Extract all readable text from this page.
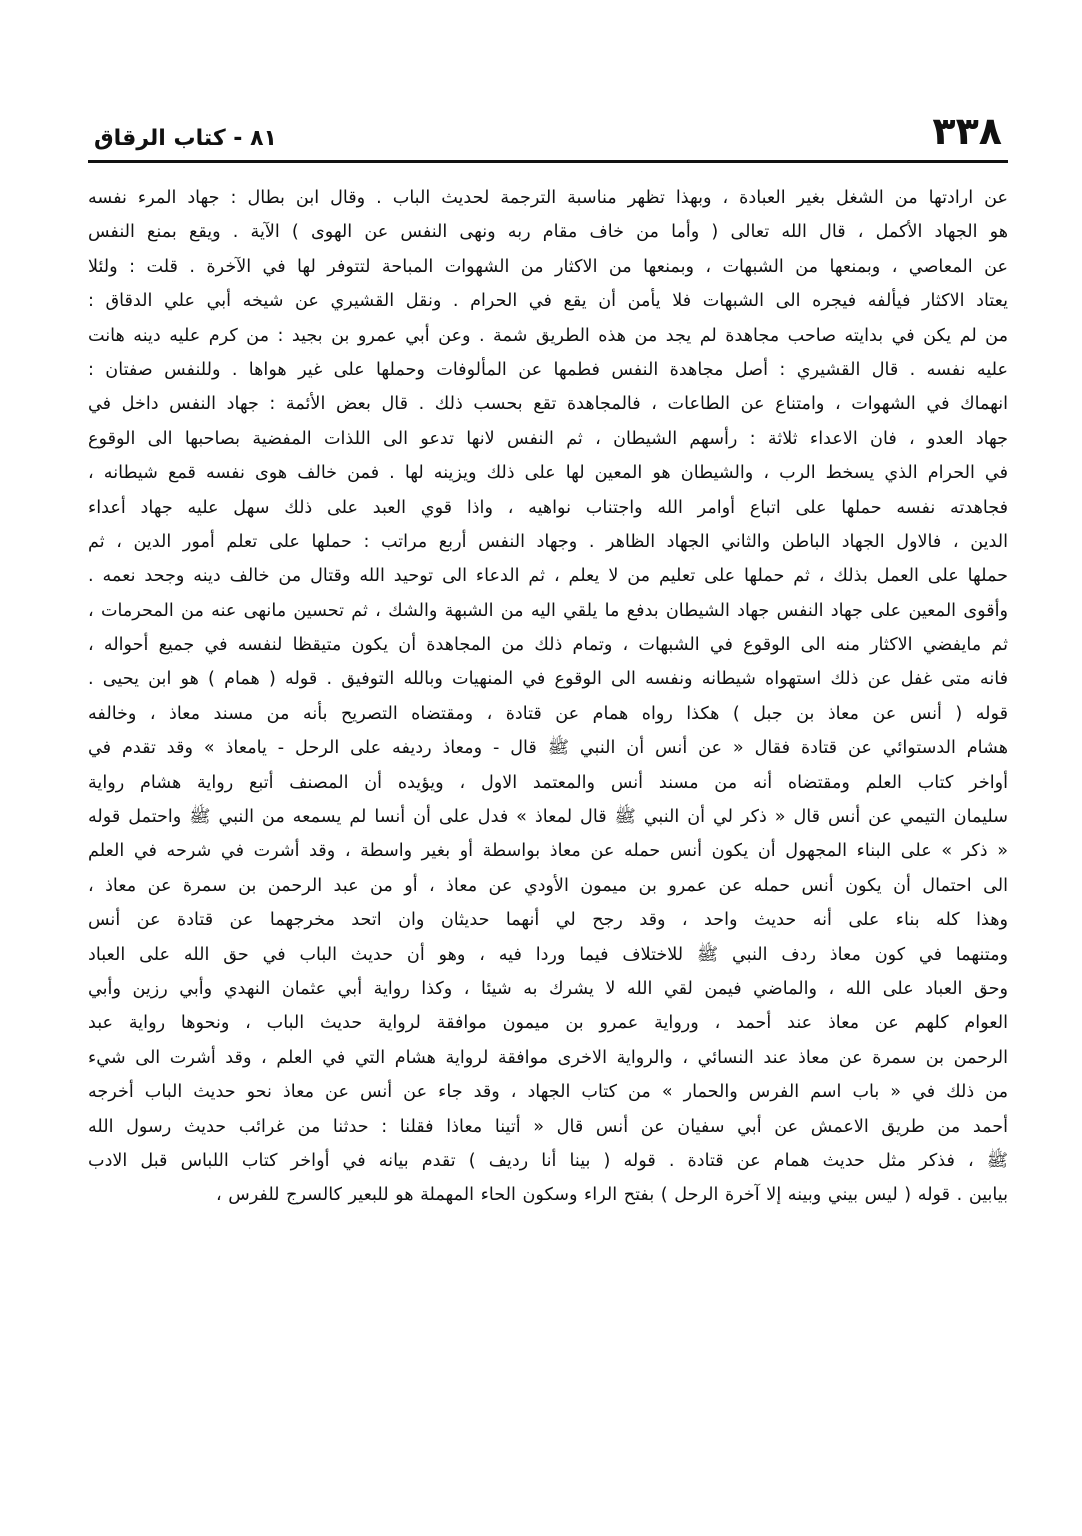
٣٣٨
٨١ - كتاب الرقاق
عن ارادتها من الشغل بغير العبادة ، وبهذا تظهر مناسبة الترجمة لحديث الباب . وقال ابن بطال : جهاد المرء نفسه
هو الجهاد الأكمل ، قال الله تعالى ( وأما من خاف مقام ربه ونهى النفس عن الهوى ) الآية . ويقع بمنع النفس
عن المعاصي ، وبمنعها من الشبهات ، وبمنعها من الاكثار من الشهوات المباحة لتتوفر لها في الآخرة . قلت : ولئلا
يعتاد الاكثار فيألفه فيجره الى الشبهات فلا يأمن أن يقع في الحرام . ونقل القشيري عن شيخه أبي علي الدقاق :
من لم يكن في بدايته صاحب مجاهدة لم يجد من هذه الطريق شمة . وعن أبي عمرو بن بجيد : من كرم عليه دينه هانت
عليه نفسه . قال القشيري : أصل مجاهدة النفس فطمها عن المألوفات وحملها على غير هواها . وللنفس صفتان :
انهماك في الشهوات ، وامتناع عن الطاعات ، فالمجاهدة تقع بحسب ذلك . قال بعض الأئمة : جهاد النفس داخل في
جهاد العدو ، فان الاعداء ثلاثة : رأسهم الشيطان ، ثم النفس لانها تدعو الى اللذات المفضية بصاحبها الى الوقوع
في الحرام الذي يسخط الرب ، والشيطان هو المعين لها على ذلك ويزينه لها . فمن خالف هوى نفسه قمع شيطانه ،
فجاهدته نفسه حملها على اتباع أوامر الله واجتناب نواهيه ، واذا قوي العبد على ذلك سهل عليه جهاد أعداء
الدين ، فالاول الجهاد الباطن والثاني الجهاد الظاهر . وجهاد النفس أربع مراتب : حملها على تعلم أمور الدين ، ثم
حملها على العمل بذلك ، ثم حملها على تعليم من لا يعلم ، ثم الدعاء الى توحيد الله وقتال من خالف دينه وجحد نعمه .
وأقوى المعين على جهاد النفس جهاد الشيطان بدفع ما يلقي اليه من الشبهة والشك ، ثم تحسين مانهى عنه من المحرمات ،
ثم مايفضي الاكثار منه الى الوقوع في الشبهات ، وتمام ذلك من المجاهدة أن يكون متيقظا لنفسه في جميع أحواله ،
فانه متى غفل عن ذلك استهواه شيطانه ونفسه الى الوقوع في المنهيات وبالله التوفيق . قوله ( همام ) هو ابن يحيى .
قوله ( أنس عن معاذ بن جبل ) هكذا رواه همام عن قتادة ، ومقتضاه التصريح بأنه من مسند معاذ ، وخالفه
هشام الدستوائي عن قتادة فقال « عن أنس أن النبي ﷺ قال - ومعاذ رديفه على الرحل - يامعاذ » وقد تقدم في
أواخر كتاب العلم ومقتضاه أنه من مسند أنس والمعتمد الاول ، ويؤيده أن المصنف أتبع رواية هشام رواية
سليمان التيمي عن أنس قال « ذكر لي أن النبي ﷺ قال لمعاذ » فدل على أن أنسا لم يسمعه من النبي ﷺ واحتمل قوله
« ذكر » على البناء المجهول أن يكون أنس حمله عن معاذ بواسطة أو بغير واسطة ، وقد أشرت في شرحه في العلم
الى احتمال أن يكون أنس حمله عن عمرو بن ميمون الأودي عن معاذ ، أو من عبد الرحمن بن سمرة عن معاذ ،
وهذا كله بناء على أنه حديث واحد ، وقد رجح لي أنهما حديثان وان اتحد مخرجهما عن قتادة عن أنس
ومتنهما في كون معاذ ردف النبي ﷺ للاختلاف فيما وردا فيه ، وهو أن حديث الباب في حق الله على العباد
وحق العباد على الله ، والماضي فيمن لقي الله لا يشرك به شيئا ، وكذا رواية أبي عثمان النهدي وأبي رزين وأبي
العوام كلهم عن معاذ عند أحمد ، ورواية عمرو بن ميمون موافقة لرواية حديث الباب ، ونحوها رواية عبد
الرحمن بن سمرة عن معاذ عند النسائي ، والرواية الاخرى موافقة لرواية هشام التي في العلم ، وقد أشرت الى شيء
من ذلك في « باب اسم الفرس والحمار » من كتاب الجهاد ، وقد جاء عن أنس عن معاذ نحو حديث الباب أخرجه
أحمد من طريق الاعمش عن أبي سفيان عن أنس قال « أتينا معاذا فقلنا : حدثنا من غرائب حديث رسول الله
ﷺ ، فذكر مثل حديث همام عن قتادة . قوله ( بينا أنا رديف ) تقدم بيانه في أواخر كتاب اللباس قبل الادب
بيابين . قوله ( ليس بيني وبينه إلا آخرة الرحل ) بفتح الراء وسكون الحاء المهملة هو للبعير كالسرج للفرس ،
